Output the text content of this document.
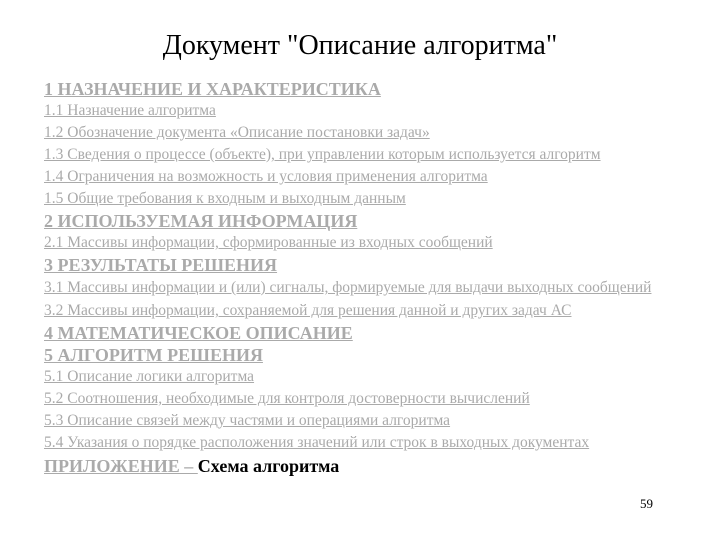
Документ "Описание алгоритма"
1 НАЗНАЧЕНИЕ И ХАРАКТЕРИСТИКА
1.1 Назначение алгоритма
1.2 Обозначение документа «Описание постановки задач»
1.3 Сведения о процессе (объекте), при управлении которым используется алгоритм
1.4 Ограничения на возможность и условия применения алгоритма
1.5 Общие требования к входным и выходным данным
2 ИСПОЛЬЗУЕМАЯ ИНФОРМАЦИЯ
2.1 Массивы информации, сформированные из входных сообщений
3 РЕЗУЛЬТАТЫ РЕШЕНИЯ
3.1 Массивы информации и (или) сигналы, формируемые для выдачи выходных сообщений
3.2 Массивы информации, сохраняемой для решения данной и других задач АС
4 МАТЕМАТИЧЕСКОЕ ОПИСАНИЕ
5 АЛГОРИТМ РЕШЕНИЯ
5.1 Описание логики алгоритма
5.2 Соотношения, необходимые для контроля достоверности вычислений
5.3 Описание связей между частями и операциями алгоритма
5.4 Указания о порядке расположения значений или строк в выходных документах
ПРИЛОЖЕНИЕ – Схема алгоритма
59
